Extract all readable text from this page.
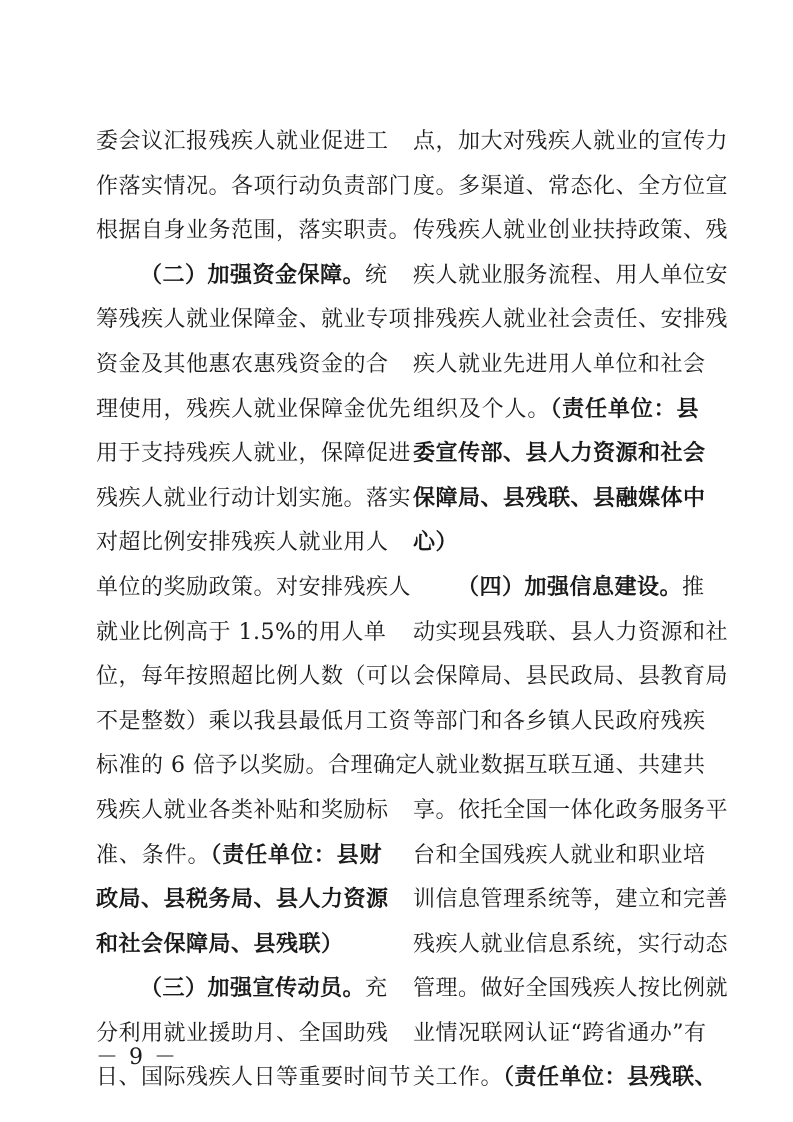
委会议汇报残疾人就业促进工
作落实情况。各项行动负责部门
根据自身业务范围，落实职责。
（二）加强资金保障。统
筹残疾人就业保障金、就业专项
资金及其他惠农惠残资金的合
理使用，残疾人就业保障金优先
用于支持残疾人就业，保障促进
残疾人就业行动计划实施。落实
对超比例安排残疾人就业用人
单位的奖励政策。对安排残疾人
就业比例高于 1.5%的用人单
位，每年按照超比例人数（可以
不是整数）乘以我县最低月工资
标准的 6 倍予以奖励。合理确定
残疾人就业各类补贴和奖励标
准、条件。（责任单位：县财
政局、县税务局、县人力资源
和社会保障局、县残联）
（三）加强宣传动员。充
分利用就业援助月、全国助残
日、国际残疾人日等重要时间节
点，加大对残疾人就业的宣传力
度。多渠道、常态化、全方位宣
传残疾人就业创业扶持政策、残
疾人就业服务流程、用人单位安
排残疾人就业社会责任、安排残
疾人就业先进用人单位和社会
组织及个人。（责任单位：县
委宣传部、县人力资源和社会
保障局、县残联、县融媒体中
心）
（四）加强信息建设。推
动实现县残联、县人力资源和社
会保障局、县民政局、县教育局
等部门和各乡镇人民政府残疾
人就业数据互联互通、共建共
享。依托全国一体化政务服务平
台和全国残疾人就业和职业培
训信息管理系统等，建立和完善
残疾人就业信息系统，实行动态
管理。做好全国残疾人按比例就
业情况联网认证“跨省通办”有
关工作。（责任单位：县残联、
－ 9 －
